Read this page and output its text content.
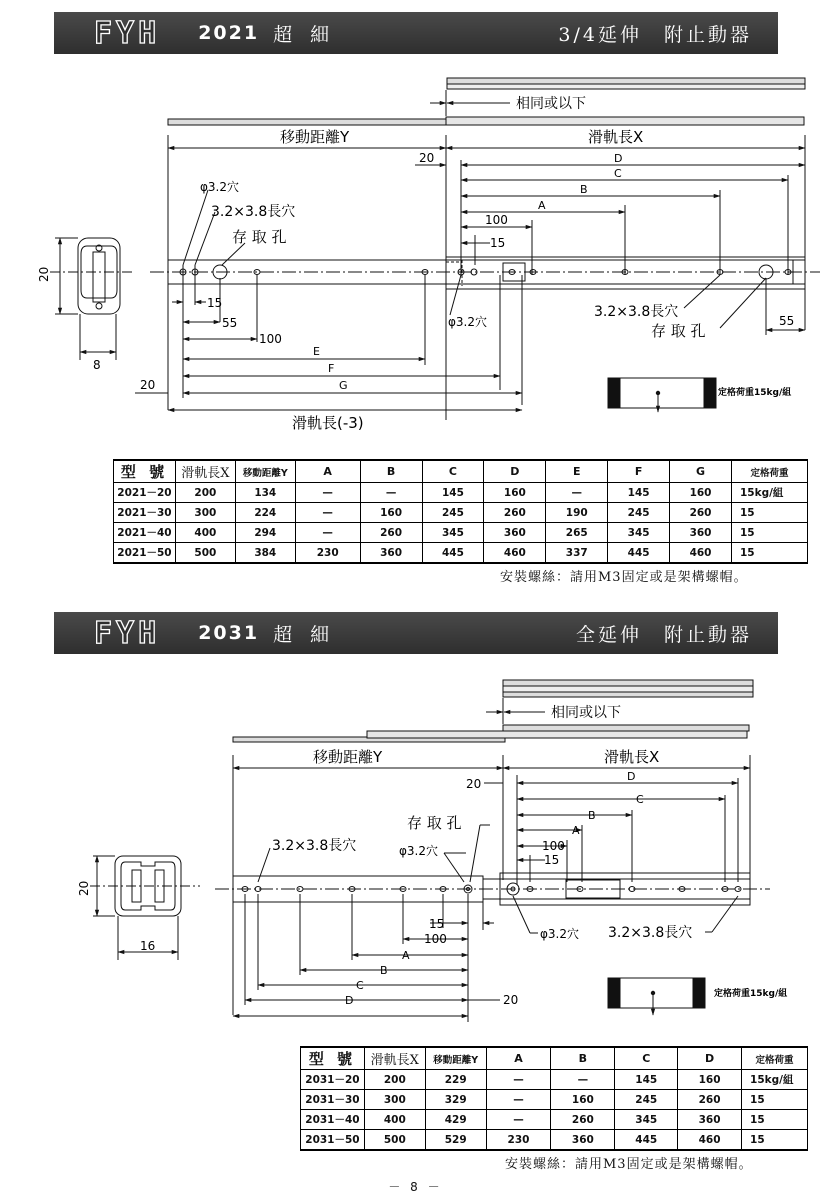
FYH 2021 超 細	3/4延伸　附止動器
相同或以下
移動距離Y	滑軌長X
20	D
C
B
A
100
15
φ3.2穴
3.2×3.8長穴
存 取 孔
20
8
15
55
100
E
F
G
20
滑軌長(-3)
φ3.2穴
3.2×3.8長穴
存 取 孔
55
定格荷重15kg/組
型 號	滑軌長X	移動距離Y	A	B	C	D	E	F	G	定格荷重
2021－20	200	134	—	—	145	160	—	145	160	15kg/組
2021－30	300	224	—	160	245	260	190	245	260	15
2021－40	400	294	—	260	345	360	265	345	360	15
2021－50	500	384	230	360	445	460	337	445	460	15
安裝螺絲：請用M3固定或是架構螺帽。
FYH 2031 超 細	全延伸　附止動器
相同或以下
移動距離Y	滑軌長X
20
D
C
B
A
100
15
存 取 孔
3.2×3.8長穴	φ3.2穴
φ3.2穴 3.2×3.8長穴
20
16
15
100
A
B
C
D	20	定格荷重15kg/組
型 號	滑軌長X	移動距離Y	A	B	C	D	定格荷重
2031－20	200	229	—	—	145	160	15kg/組
2031－30	300	329	—	160	245	260	15
2031－40	400	429	—	260	345	360	15
2031－50	500	529	230	360	445	460	15
安裝螺絲：請用M3固定或是架構螺帽。
－ 8 －
